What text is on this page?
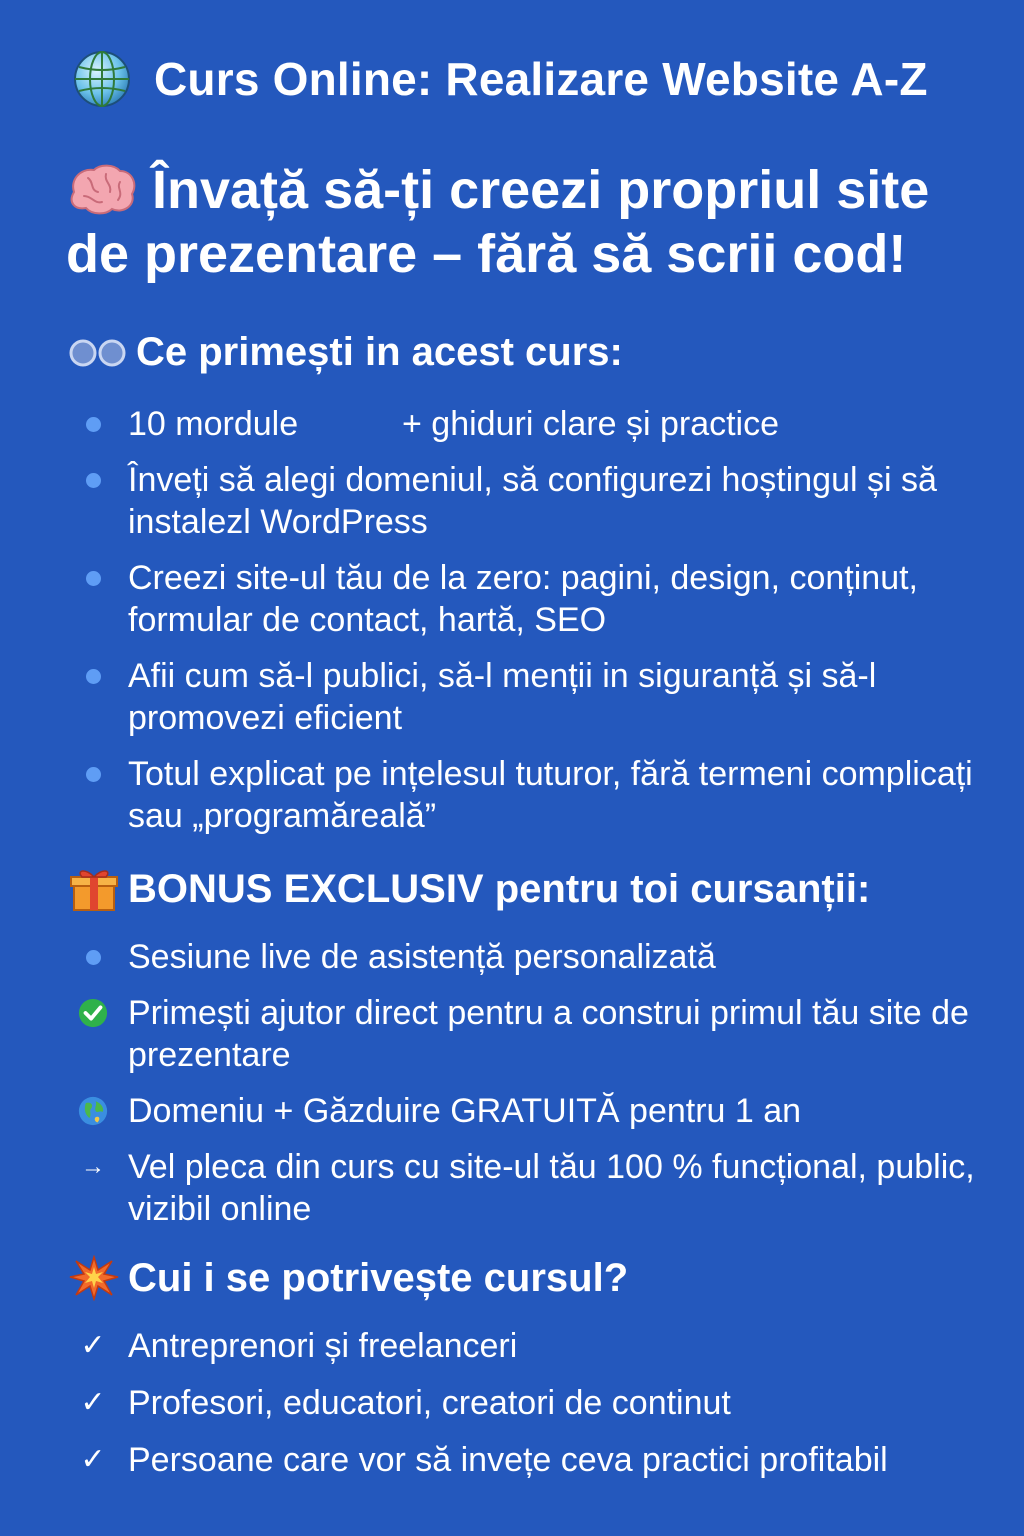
Curs Online: Realizare Website A-Z
Învață să-ți creezi propriul site de prezentare – fără să scrii cod!
Ce primești in acest curs:
10 mordule           + ghiduri clare și practice
Înveți să alegi domeniul, să configurezi hoștingul și să instalezl WordPress
Creezi site-ul tău de la zero: pagini, design, conținut, formular de contact, hartă, SEO
Afii cum să-l publici, să-l menții in siguranță și să-l promovezi eficient
Totul explicat pe ințelesul tuturor, fără termeni complicați sau „programăreală”
BONUS EXCLUSIV pentru toi cursanții:
Sesiune live de asistență personalizată
Primești ajutor direct pentru a construi primul tău site de prezentare
Domeniu + Găzduire GRATUITĂ pentru 1 an
→ Vel pleca din curs cu site-ul tău 100 % funcțional, public, vizibil online
Cui i se potrivește cursul?
✓ Antreprenori și freelanceri
✓ Profesori, educatori, creatori de continut
✓ Persoane care vor să invețe ceva practici profitabil
